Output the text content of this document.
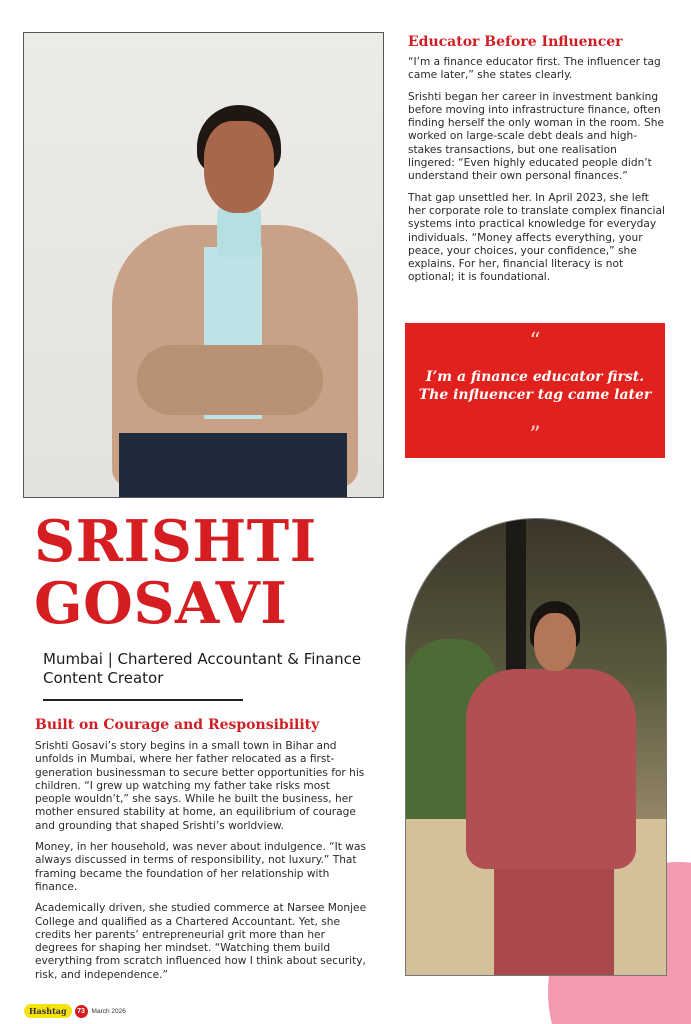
Educator Before Influencer

“I’m a finance educator first. The influencer tag came later,” she states clearly.

Srishti began her career in investment banking before moving into infrastructure finance, often finding herself the only woman in the room. She worked on large-scale debt deals and high-stakes transactions, but one realisation lingered: “Even highly educated people didn’t understand their own personal finances.”

That gap unsettled her. In April 2023, she left her corporate role to translate complex financial systems into practical knowledge for everyday individuals. “Money affects everything, your peace, your choices, your confidence,” she explains. For her, financial literacy is not optional; it is foundational.

“
I’m a finance educator first. The influencer tag came later
”
SRISHTI
GOSAVI
Mumbai | Chartered Accountant & Finance Content Creator
Built on Courage and Responsibility

Srishti Gosavi’s story begins in a small town in Bihar and unfolds in Mumbai, where her father relocated as a first-generation businessman to secure better opportunities for his children. “I grew up watching my father take risks most people wouldn’t,” she says. While he built the business, her mother ensured stability at home, an equilibrium of courage and grounding that shaped Srishti’s worldview.

Money, in her household, was never about indulgence. “It was always discussed in terms of responsibility, not luxury.” That framing became the foundation of her relationship with finance.

Academically driven, she studied commerce at Narsee Monjee College and qualified as a Chartered Accountant. Yet, she credits her parents’ entrepreneurial grit more than her degrees for shaping her mindset. “Watching them build everything from scratch influenced how I think about security, risk, and independence.”

Hashtag	73	March 2026
